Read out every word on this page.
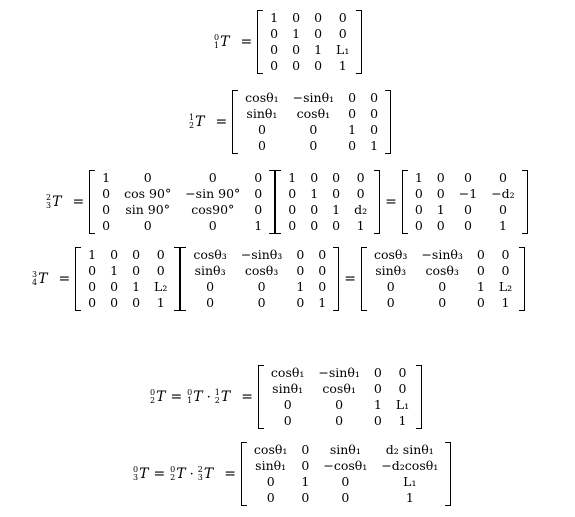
0
1 T =
1	0	0	0
0	1	0	0
0	0	1	L₁
0	0	0	1
1
2 T =
cosθ₁	−sinθ₁	0	0
sinθ₁	cosθ₁	0	0
0	0	1	0
0	0	0	1
2
3 T =
1	0	0	0
0	cos 90°	−sin 90°	0
0	sin 90°	cos90°	0
0	0	0	1
1	0	0	0
0	1	0	0
0	0	1	d₂
0	0	0	1
=
1	0	0	0
0	0	−1	−d₂
0	1	0	0
0	0	0	1
3
4 T =
1	0	0	0
0	1	0	0
0	0	1	L₂
0	0	0	1
cosθ₃	−sinθ₃	0	0
sinθ₃	cosθ₃	0	0
0	0	1	0
0	0	0	1
=
cosθ₃	−sinθ₃	0	0
sinθ₃	cosθ₃	0	0
0	0	1	L₂
0	0	0	1
0
2 T = 0
1 T · 1
2 T =
cosθ₁	−sinθ₁	0	0
sinθ₁	cosθ₁	0	0
0	0	1	L₁
0	0	0	1
0
3 T = 0
2 T · 2
3 T =
cosθ₁	0	sinθ₁	d₂ sinθ₁
sinθ₁	0	−cosθ₁	−d₂cosθ₁
0	1	0	L₁
0	0	0	1
